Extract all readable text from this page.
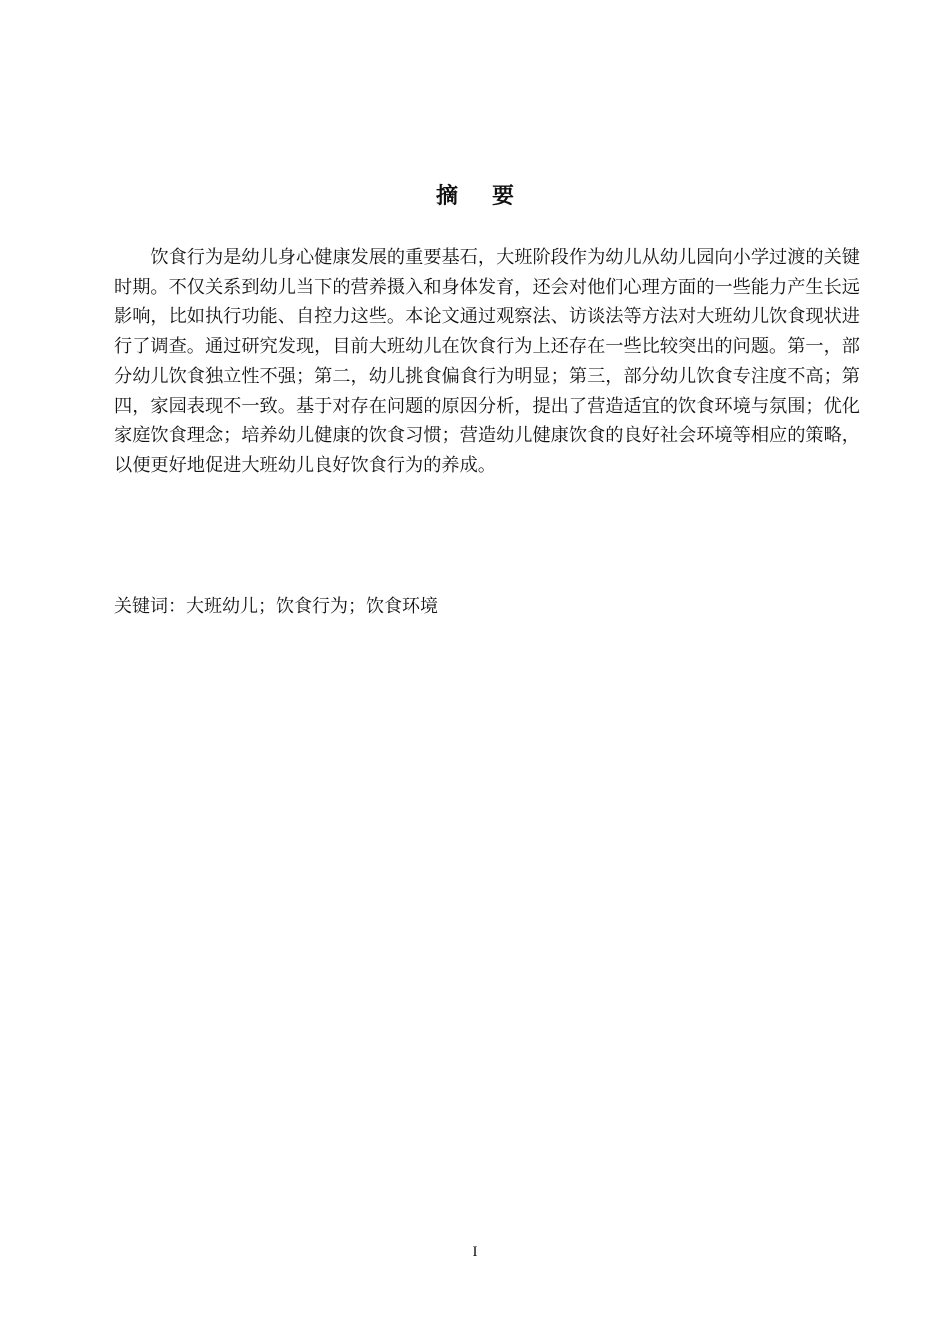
摘要

饮食行为是幼儿身心健康发展的重要基石，大班阶段作为幼儿从幼儿园向小学过渡的关键时期。不仅关系到幼儿当下的营养摄入和身体发育，还会对他们心理方面的一些能力产生长远影响，比如执行功能、自控力这些。本论文通过观察法、访谈法等方法对大班幼儿饮食现状进行了调查。通过研究发现，目前大班幼儿在饮食行为上还存在一些比较突出的问题。第一，部分幼儿饮食独立性不强；第二，幼儿挑食偏食行为明显；第三，部分幼儿饮食专注度不高；第四，家园表现不一致。基于对存在问题的原因分析，提出了营造适宜的饮食环境与氛围；优化家庭饮食理念；培养幼儿健康的饮食习惯；营造幼儿健康饮食的良好社会环境等相应的策略，以便更好地促进大班幼儿良好饮食行为的养成。

关键词：大班幼儿；饮食行为；饮食环境
I
